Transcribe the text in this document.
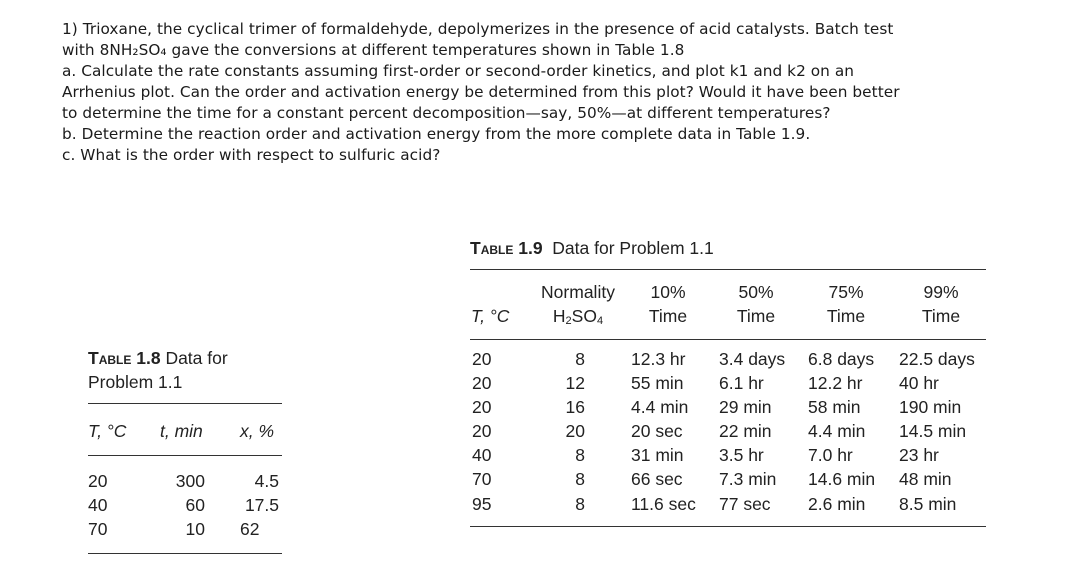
1) Trioxane, the cyclical trimer of formaldehyde, depolymerizes in the presence of acid catalysts. Batch test

with 8NH₂SO₄ gave the conversions at different temperatures shown in Table 1.8

a. Calculate the rate constants assuming first-order or second-order kinetics, and plot k1 and k2 on an

Arrhenius plot. Can the order and activation energy be determined from this plot? Would it have been better

to determine the time for a constant percent decomposition—say, 50%—at different temperatures?

b. Determine the reaction order and activation energy from the more complete data in Table 1.9.

c. What is the order with respect to sulfuric acid?

Table 1.8 Data for
Problem 1.1
T, °C t, min x, %
20	300	4.5
40	60	17.5
70	10 62
Table 1.9 Data for Problem 1.1
Normality	10%	50%	75%	99%
T, °C	$H_2SO_4$	Time	Time	Time	Time
20	8	12.3 hr 3.4 days 6.8 days 22.5 days
20	12	55 min 6.1 hr	12.2 hr 40 hr
20	16	4.4 min 29 min 58 min 190 min
20	20	20 sec 22 min 4.4 min 14.5 min
40	8	31 min 3.5 hr	7.0 hr	23 hr
70	8	66 sec 7.3 min 14.6 min 48 min
95	8	11.6 sec 77 sec 2.6 min 8.5 min
